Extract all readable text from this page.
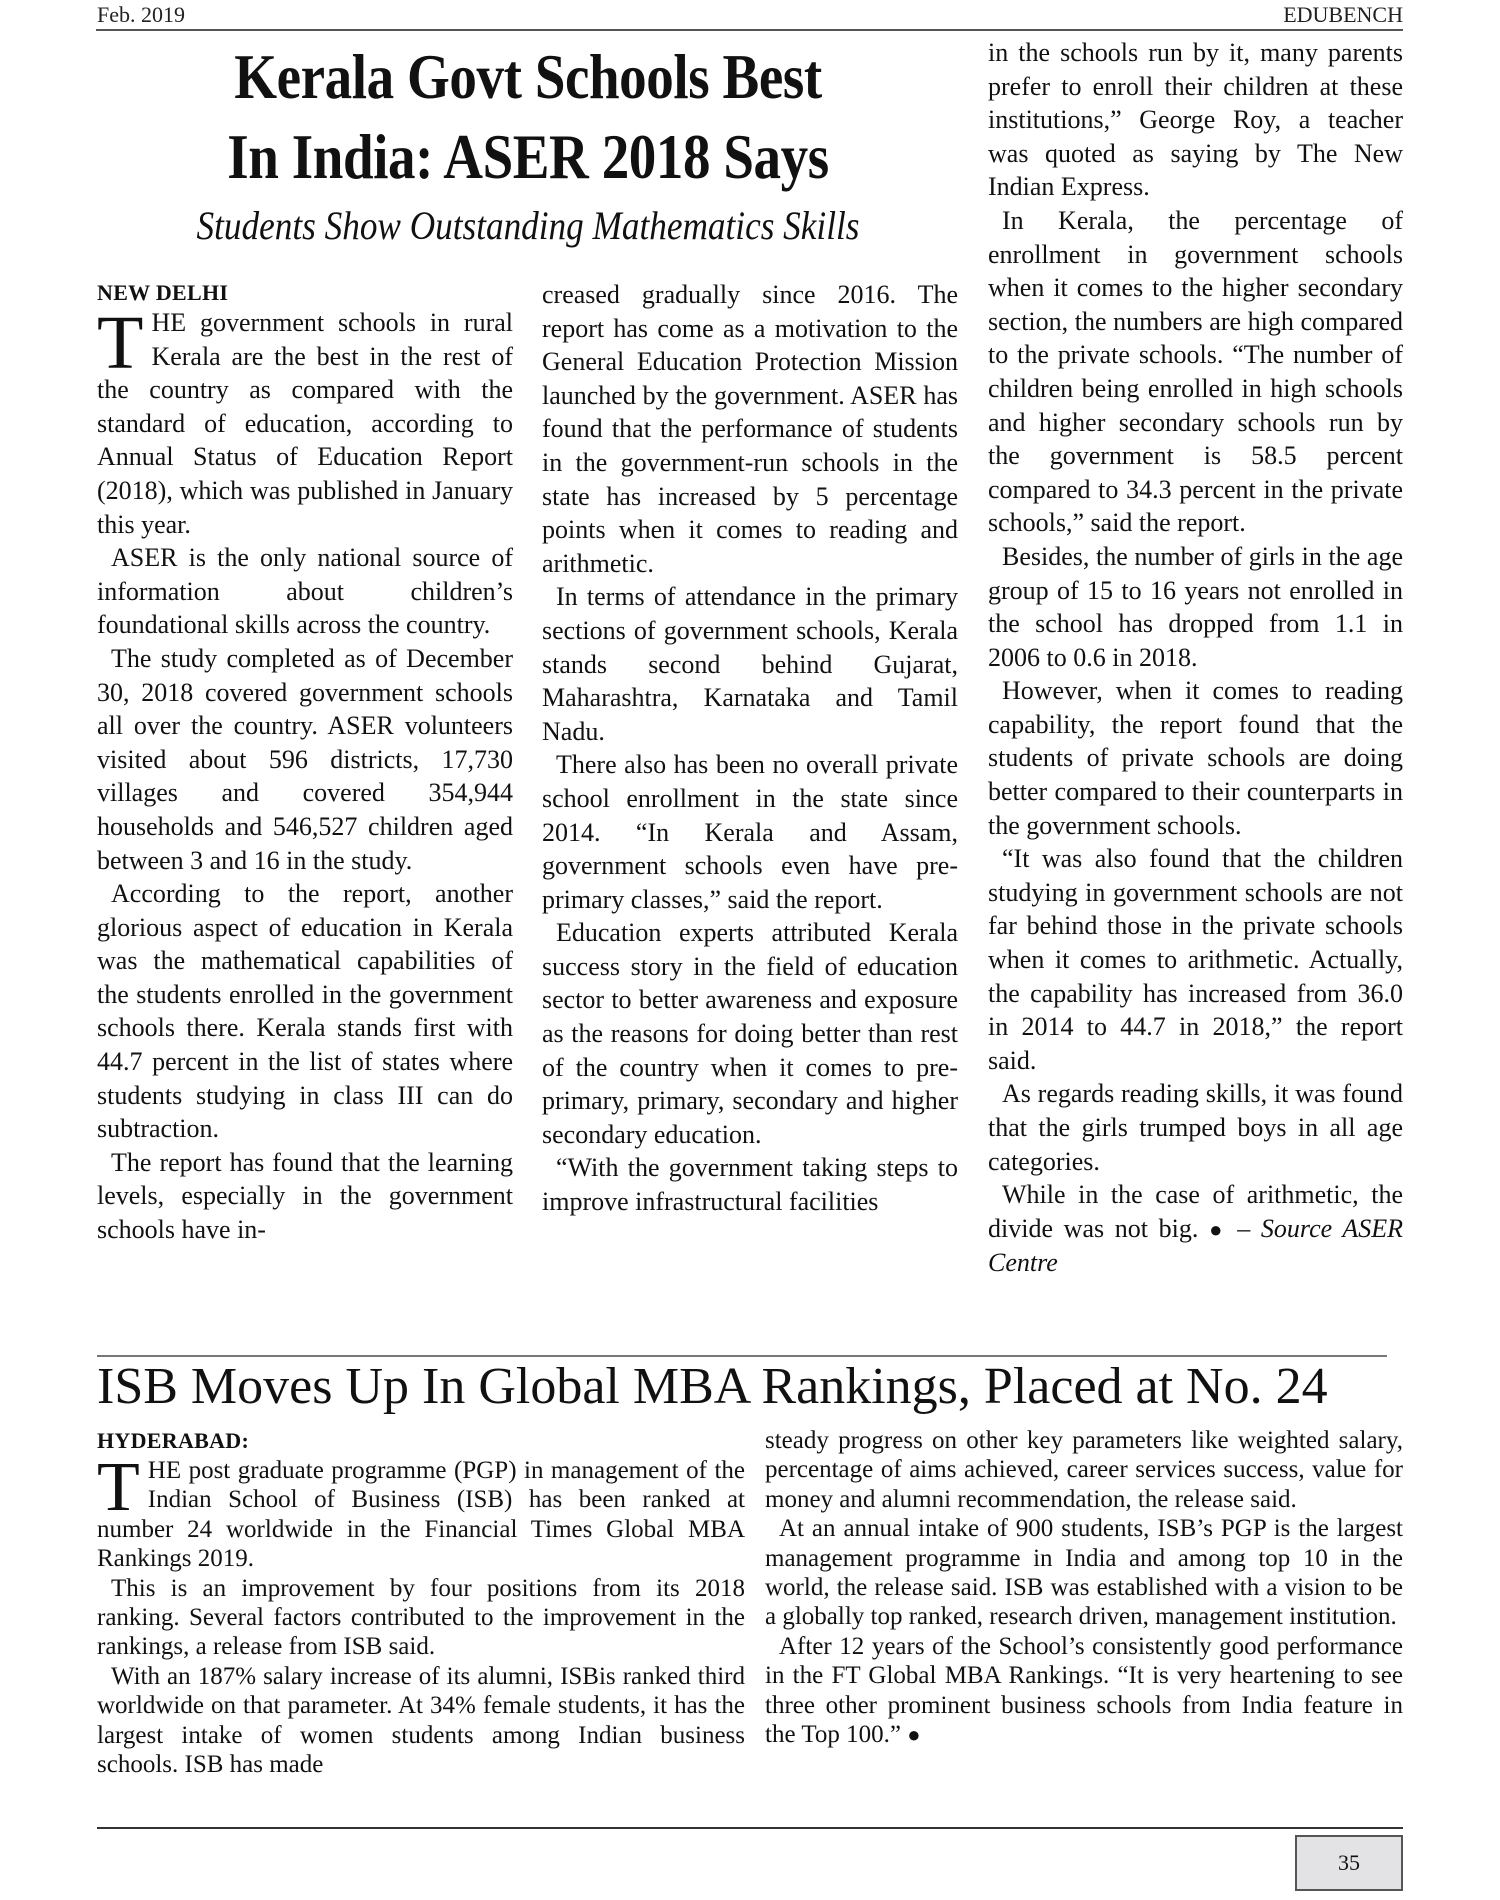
Feb. 2019	EDUBENCH
Kerala Govt Schools Best
In India: ASER 2018 Says
Students Show Outstanding Mathematics Skills
NEW DELHI

THE government schools in rural Kerala are the best in the rest of the country as compared with the standard of education, according to Annual Status of Education Report (2018), which was published in January this year.

ASER is the only national source of information about children’s foundational skills across the country.

The study completed as of December 30, 2018 covered government schools all over the country. ASER volunteers visited about 596 districts, 17,730 villages and covered 354,944 households and 546,527 children aged between 3 and 16 in the study.

According to the report, another glorious aspect of education in Kerala was the mathematical capabilities of the students enrolled in the government schools there. Kerala stands first with 44.7 percent in the list of states where students studying in class III can do subtraction.

The report has found that the learning levels, especially in the government schools have in-

creased gradually since 2016. The report has come as a motivation to the General Education Protection Mission launched by the government. ASER has found that the performance of students in the government-run schools in the state has increased by 5 percentage points when it comes to reading and arithmetic.

In terms of attendance in the primary sections of government schools, Kerala stands second behind Gujarat, Maharashtra, Karnataka and Tamil Nadu.

There also has been no overall private school enrollment in the state since 2014. “In Kerala and Assam, government schools even have pre-primary classes,” said the report.

Education experts attributed Kerala success story in the field of education sector to better awareness and exposure as the reasons for doing better than rest of the country when it comes to pre-primary, primary, secondary and higher secondary education.

“With the government taking steps to improve infrastructural facilities

in the schools run by it, many parents prefer to enroll their children at these institutions,” George Roy, a teacher was quoted as saying by The New Indian Express.

In Kerala, the percentage of enrollment in government schools when it comes to the higher secondary section, the numbers are high compared to the private schools. “The number of children being enrolled in high schools and higher secondary schools run by the government is 58.5 percent compared to 34.3 percent in the private schools,” said the report.

Besides, the number of girls in the age group of 15 to 16 years not enrolled in the school has dropped from 1.1 in 2006 to 0.6 in 2018.

However, when it comes to reading capability, the report found that the students of private schools are doing better compared to their counterparts in the government schools.

“It was also found that the children studying in government schools are not far behind those in the private schools when it comes to arithmetic. Actually, the capability has increased from 36.0 in 2014 to 44.7 in 2018,” the report said.

As regards reading skills, it was found that the girls trumped boys in all age categories.

While in the case of arithmetic, the divide was not big. ● – Source ASER Centre

ISB Moves Up In Global MBA Rankings, Placed at No. 24
HYDERABAD:

THE post graduate programme (PGP) in management of the Indian School of Business (ISB) has been ranked at number 24 worldwide in the Financial Times Global MBA Rankings 2019.

This is an improvement by four positions from its 2018 ranking. Several factors contributed to the improvement in the rankings, a release from ISB said.

With an 187% salary increase of its alumni, ISBis ranked third worldwide on that parameter. At 34% female students, it has the largest intake of women students among Indian business schools. ISB has made

steady progress on other key parameters like weighted salary, percentage of aims achieved, career services success, value for money and alumni recommendation, the release said.

At an annual intake of 900 students, ISB’s PGP is the largest management programme in India and among top 10 in the world, the release said. ISB was established with a vision to be a globally top ranked, research driven, management institution.

After 12 years of the School’s consistently good performance in the FT Global MBA Rankings. “It is very heartening to see three other prominent business schools from India feature in the Top 100.” ●

35
